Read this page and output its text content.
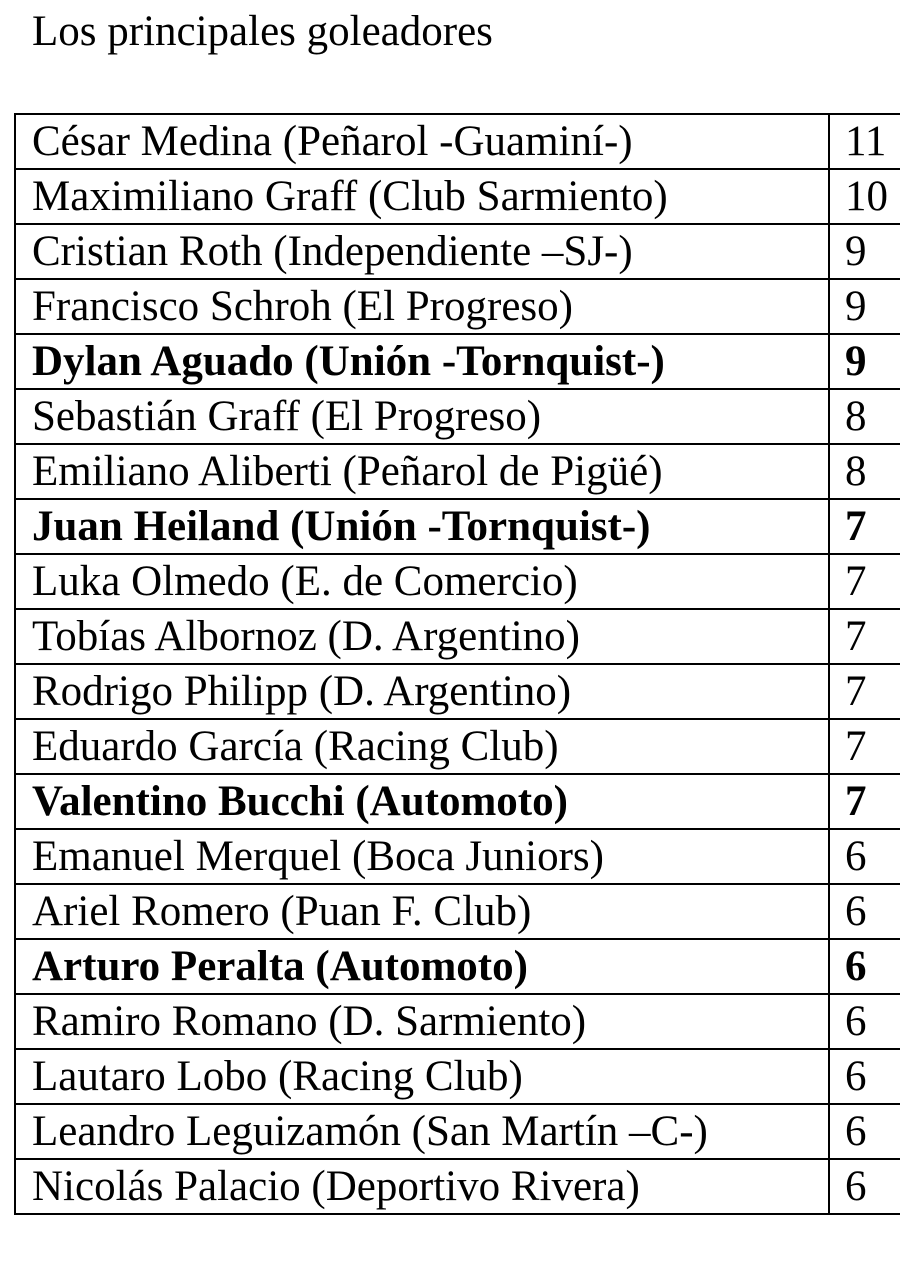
Los principales goleadores
César Medina (Peñarol -Guaminí-)	11
Maximiliano Graff (Club Sarmiento)	10
Cristian Roth (Independiente –SJ-)	9
Francisco Schroh (El Progreso)	9
Dylan Aguado (Unión -Tornquist-)	9
Sebastián Graff (El Progreso)	8
Emiliano Aliberti (Peñarol de Pigüé)	8
Juan Heiland (Unión -Tornquist-)	7
Luka Olmedo (E. de Comercio)	7
Tobías Albornoz (D. Argentino)	7
Rodrigo Philipp (D. Argentino)	7
Eduardo García (Racing Club)	7
Valentino Bucchi (Automoto)	7
Emanuel Merquel (Boca Juniors)	6
Ariel Romero (Puan F. Club)	6
Arturo Peralta (Automoto)	6
Ramiro Romano (D. Sarmiento)	6
Lautaro Lobo (Racing Club)	6
Leandro Leguizamón (San Martín –C-)	6
Nicolás Palacio (Deportivo Rivera)	6
